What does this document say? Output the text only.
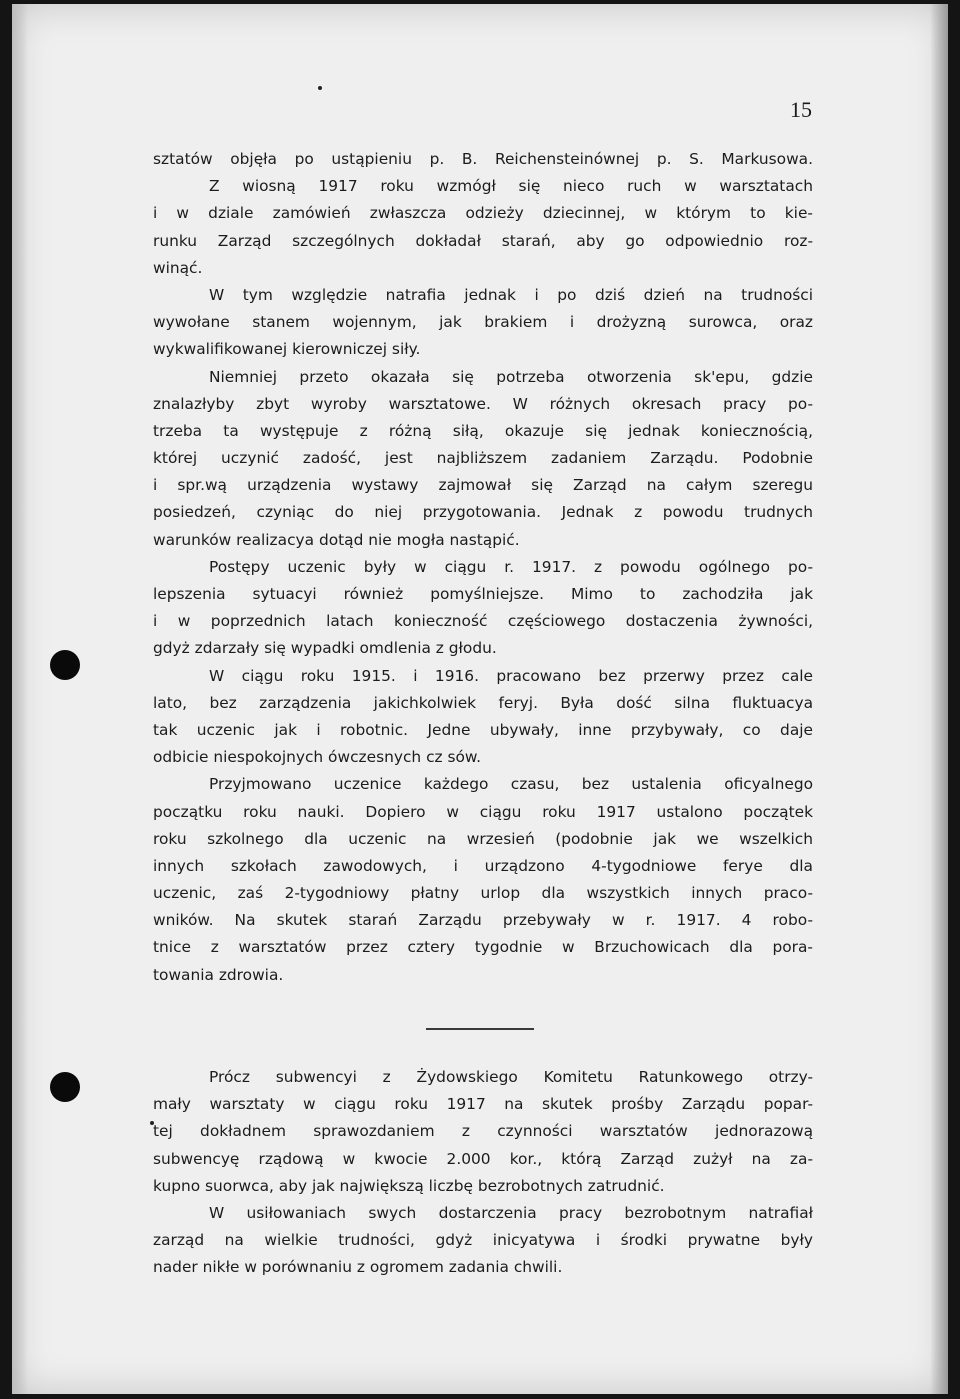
15
sztatów objęła po ustąpieniu p. B. Reichensteinównej p. S. Markusowa.
Z wiosną 1917 roku wzmógł się nieco ruch w warsztatach
i w dziale zamówień zwłaszcza odzieży dziecinnej, w którym to kie-
runku Zarząd szczególnych dokładał starań, aby go odpowiednio roz-
winąć.
W tym względzie natrafia jednak i po dziś dzień na trudności
wywołane stanem wojennym, jak brakiem i drożyzną surowca, oraz
wykwalifikowanej kierowniczej siły.
Niemniej przeto okazała się potrzeba otworzenia sk'epu, gdzie
znalazłyby zbyt wyroby warsztatowe. W różnych okresach pracy po-
trzeba ta występuje z różną siłą, okazuje się jednak koniecznością,
której uczynić zadość, jest najbliższem zadaniem Zarządu. Podobnie
i spr.wą urządzenia wystawy zajmował się Zarząd na całym szeregu
posiedzeń, czyniąc do niej przygotowania. Jednak z powodu trudnych
warunków realizacya dotąd nie mogła nastąpić.
Postępy uczenic były w ciągu r. 1917. z powodu ogólnego po-
lepszenia sytuacyi również pomyślniejsze. Mimo to zachodziła jak
i w poprzednich latach konieczność częściowego dostaczenia żywności,
gdyż zdarzały się wypadki omdlenia z głodu.
W ciągu roku 1915. i 1916. pracowano bez przerwy przez cale
lato, bez zarządzenia jakichkolwiek feryj. Była dość silna fluktuacya
tak uczenic jak i robotnic. Jedne ubywały, inne przybywały, co daje
odbicie niespokojnych ówczesnych cz sów.
Przyjmowano uczenice każdego czasu, bez ustalenia oficyalnego
początku roku nauki. Dopiero w ciągu roku 1917 ustalono początek
roku szkolnego dla uczenic na wrzesień (podobnie jak we wszelkich
innych szkołach zawodowych, i urządzono 4-tygodniowe ferye dla
uczenic, zaś 2-tygodniowy płatny urlop dla wszystkich innych praco-
wników. Na skutek starań Zarządu przebywały w r. 1917. 4 robo-
tnice z warsztatów przez cztery tygodnie w Brzuchowicach dla pora-
towania zdrowia.
Prócz subwencyi z Żydowskiego Komitetu Ratunkowego otrzy-
mały warsztaty w ciągu roku 1917 na skutek prośby Zarządu popar-
tej dokładnem sprawozdaniem z czynności warsztatów jednorazową
subwencyę rządową w kwocie 2.000 kor., którą Zarząd zużył na za-
kupno suorwca, aby jak największą liczbę bezrobotnych zatrudnić.
W usiłowaniach swych dostarczenia pracy bezrobotnym natrafiał
zarząd na wielkie trudności, gdyż inicyatywa i środki prywatne były
nader nikłe w porównaniu z ogromem zadania chwili.
